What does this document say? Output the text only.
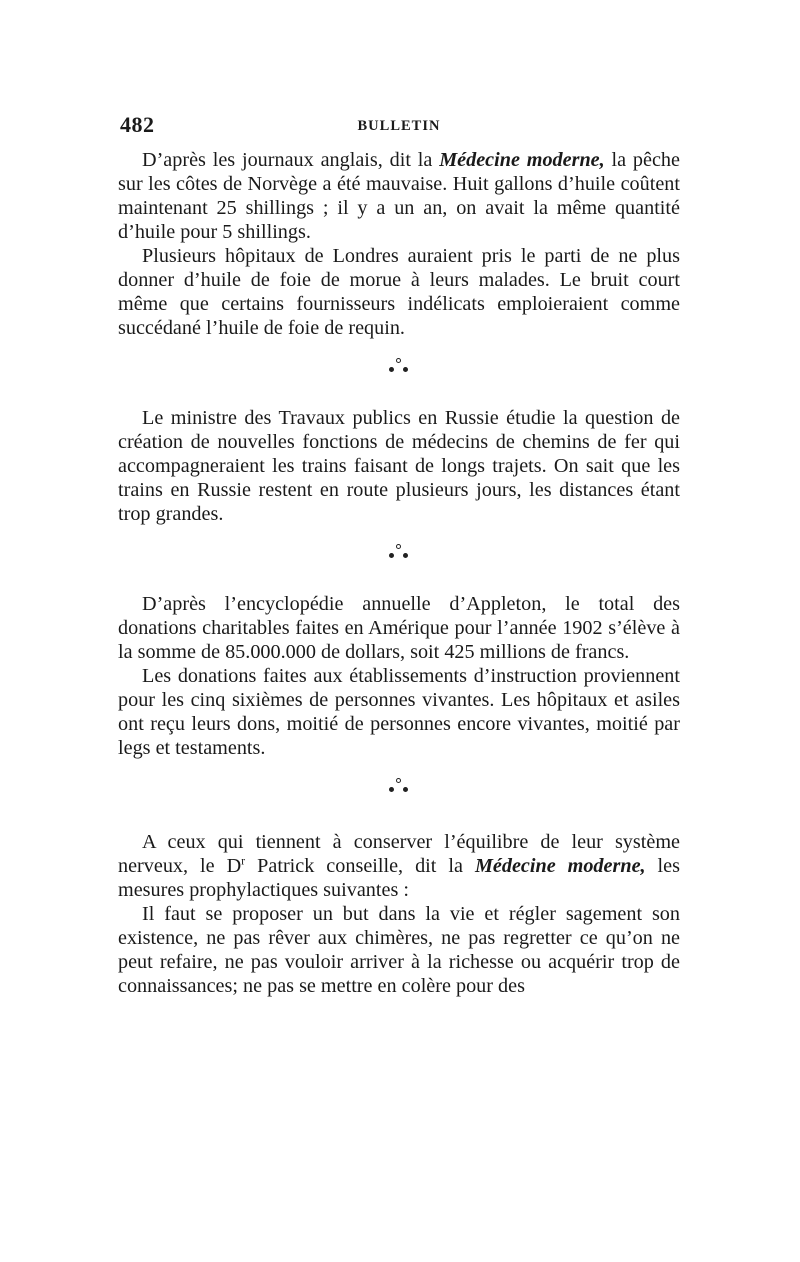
482	BULLETIN

D’après les journaux anglais, dit la Médecine moderne, la pêche sur les côtes de Norvège a été mauvaise. Huit gallons d’huile coûtent maintenant 25 shillings ; il y a un an, on avait la même quantité d’huile pour 5 shillings.

Plusieurs hôpitaux de Londres auraient pris le parti de ne plus donner d’huile de foie de morue à leurs malades. Le bruit court même que certains fournisseurs indélicats emploieraient comme succédané l’huile de foie de requin.

Le ministre des Travaux publics en Russie étudie la question de création de nouvelles fonctions de médecins de chemins de fer qui accompagneraient les trains faisant de longs trajets. On sait que les trains en Russie restent en route plusieurs jours, les distances étant trop grandes.

D’après l’encyclopédie annuelle d’Appleton, le total des donations charitables faites en Amérique pour l’année 1902 s’élève à la somme de 85.000.000 de dollars, soit 425 millions de francs.

Les donations faites aux établissements d’instruction proviennent pour les cinq sixièmes de personnes vivantes. Les hôpitaux et asiles ont reçu leurs dons, moitié de personnes encore vivantes, moitié par legs et testaments.

A ceux qui tiennent à conserver l’équilibre de leur système nerveux, le $D^r$ Patrick conseille, dit la Médecine moderne, les mesures prophylactiques suivantes :

Il faut se proposer un but dans la vie et régler sagement son existence, ne pas rêver aux chimères, ne pas regretter ce qu’on ne peut refaire, ne pas vouloir arriver à la richesse ou acquérir trop de connaissances; ne pas se mettre en colère pour des
